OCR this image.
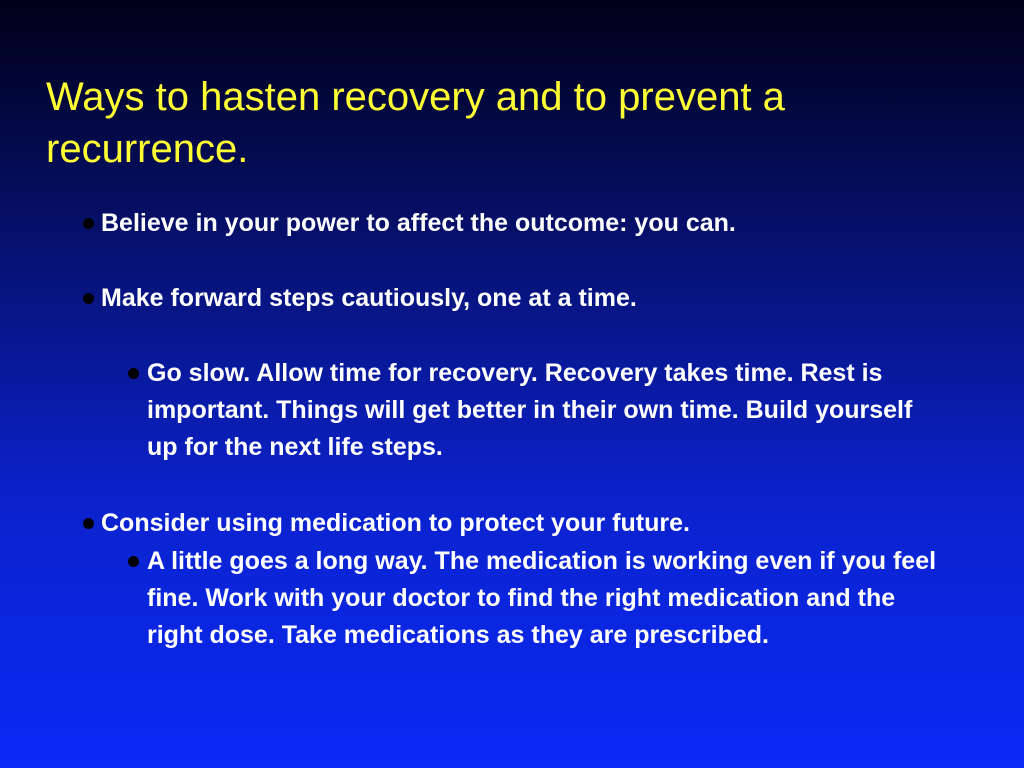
Ways to hasten recovery and to prevent a recurrence.
Believe in your power to affect the outcome: you can.
Make forward steps cautiously, one at a time.
Go slow. Allow time for recovery. Recovery takes time. Rest is important. Things will get better in their own time. Build yourself up for the next life steps.
Consider using medication to protect your future.
A little goes a long way. The medication is working even if you feel fine. Work with your doctor to find the right medication and the right dose. Take medications as they are prescribed.
